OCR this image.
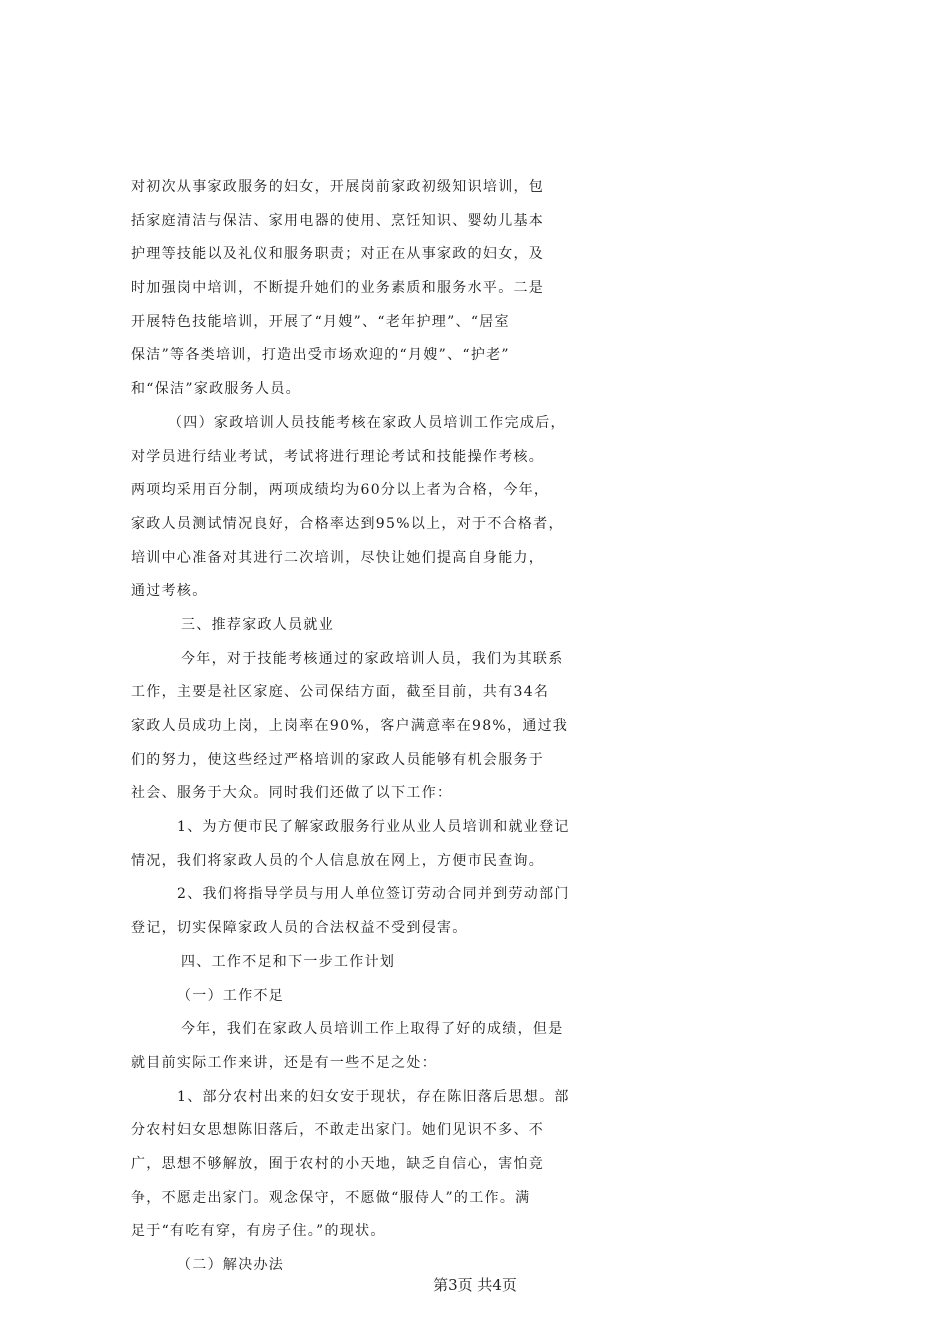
对初次从事家政服务的妇女，开展岗前家政初级知识培训，包
括家庭清洁与保洁、家用电器的使用、烹饪知识、婴幼儿基本
护理等技能以及礼仪和服务职责；对正在从事家政的妇女，及
时加强岗中培训，不断提升她们的业务素质和服务水平。二是
开展特色技能培训，开展了“月嫂”、“老年护理”、“居室
保洁”等各类培训，打造出受市场欢迎的“月嫂”、“护老”
和“保洁”家政服务人员。
（四）家政培训人员技能考核在家政人员培训工作完成后，
对学员进行结业考试，考试将进行理论考试和技能操作考核。
两项均采用百分制，两项成绩均为60分以上者为合格，今年，
家政人员测试情况良好，合格率达到95%以上，对于不合格者，
培训中心准备对其进行二次培训，尽快让她们提高自身能力，
通过考核。
三、推荐家政人员就业
今年，对于技能考核通过的家政培训人员，我们为其联系
工作，主要是社区家庭、公司保结方面，截至目前，共有34名
家政人员成功上岗，上岗率在90%，客户满意率在98%，通过我
们的努力，使这些经过严格培训的家政人员能够有机会服务于
社会、服务于大众。同时我们还做了以下工作：
1、为方便市民了解家政服务行业从业人员培训和就业登记
情况，我们将家政人员的个人信息放在网上，方便市民查询。
2、我们将指导学员与用人单位签订劳动合同并到劳动部门
登记，切实保障家政人员的合法权益不受到侵害。
四、工作不足和下一步工作计划
（一）工作不足
今年，我们在家政人员培训工作上取得了好的成绩，但是
就目前实际工作来讲，还是有一些不足之处：
1、部分农村出来的妇女安于现状，存在陈旧落后思想。部
分农村妇女思想陈旧落后，不敢走出家门。她们见识不多、不
广，思想不够解放，囿于农村的小天地，缺乏自信心，害怕竞
争，不愿走出家门。观念保守，不愿做“服侍人”的工作。满
足于“有吃有穿，有房子住。”的现状。
（二）解决办法
第3页 共4页
